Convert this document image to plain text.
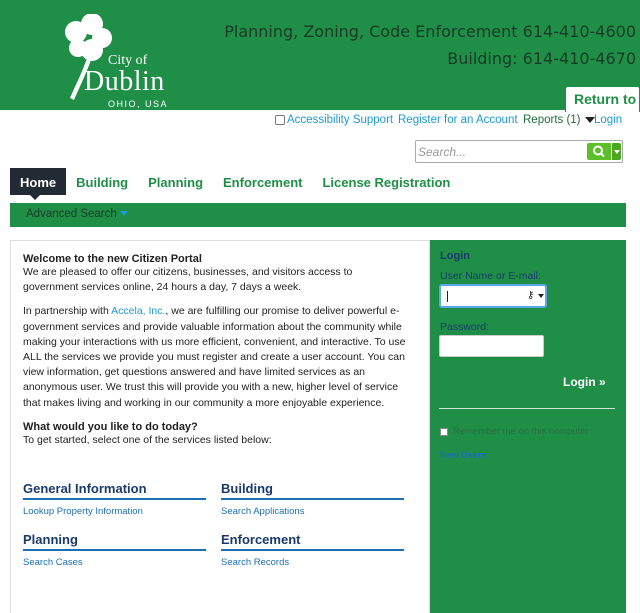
City of
Dublin
OHIO, USA
Planning, Zoning, Code Enforcement 614-410-4600
Building: 614-410-4670
Return to
Accessibility Support Register for an Account Reports (1)	Login
Search...
Home	Building	Planning	Enforcement	License Registration
Advanced Search
Welcome to the new Citizen Portal
We are pleased to offer our citizens, businesses, and visitors access to government services online, 24 hours a day, 7 days a week.
In partnership with Accela, Inc., we are fulfilling our promise to deliver powerful e-government services and provide valuable information about the community while making your interactions with us more efficient, convenient, and interactive. To use ALL the services we provide you must register and create a user account. You can view information, get questions answered and have limited services as an anonymous user. We trust this will provide you with a new, higher level of service that makes living and working in our community a more enjoyable experience.
What would you like to do today?
To get started, select one of the services listed below:
General Information
Lookup Property Information
Building
Search Applications
Planning
Search Cases
Enforcement
Search Records
Login
User Name or E-mail:
⚷
Password:
Login »
Remember me on this computer
New Users:
